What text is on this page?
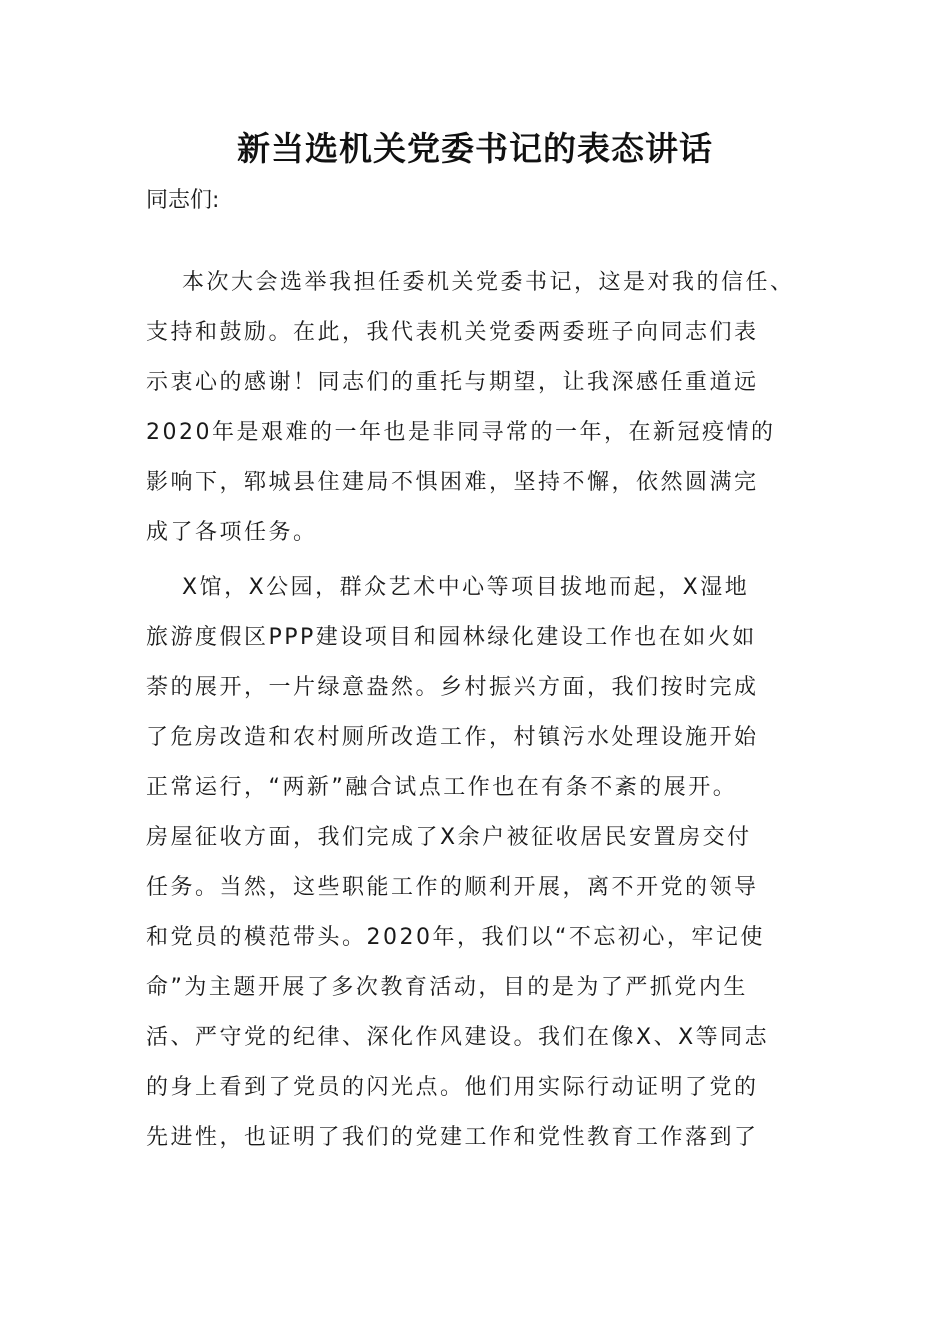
新当选机关党委书记的表态讲话
同志们:
本次大会选举我担任委机关党委书记，这是对我的信任、
支持和鼓励。在此，我代表机关党委两委班子向同志们表
示衷心的感谢！同志们的重托与期望，让我深感任重道远
2020年是艰难的一年也是非同寻常的一年，在新冠疫情的
影响下，郓城县住建局不惧困难，坚持不懈，依然圆满完
成了各项任务。
X馆，X公园，群众艺术中心等项目拔地而起，X湿地
旅游度假区PPP建设项目和园林绿化建设工作也在如火如
荼的展开，一片绿意盎然。乡村振兴方面，我们按时完成
了危房改造和农村厕所改造工作，村镇污水处理设施开始
正常运行，“两新”融合试点工作也在有条不紊的展开。
房屋征收方面，我们完成了X余户被征收居民安置房交付
任务。当然，这些职能工作的顺利开展，离不开党的领导
和党员的模范带头。2020年，我们以“不忘初心，牢记使
命”为主题开展了多次教育活动，目的是为了严抓党内生
活、严守党的纪律、深化作风建设。我们在像X、X等同志
的身上看到了党员的闪光点。他们用实际行动证明了党的
先进性，也证明了我们的党建工作和党性教育工作落到了
